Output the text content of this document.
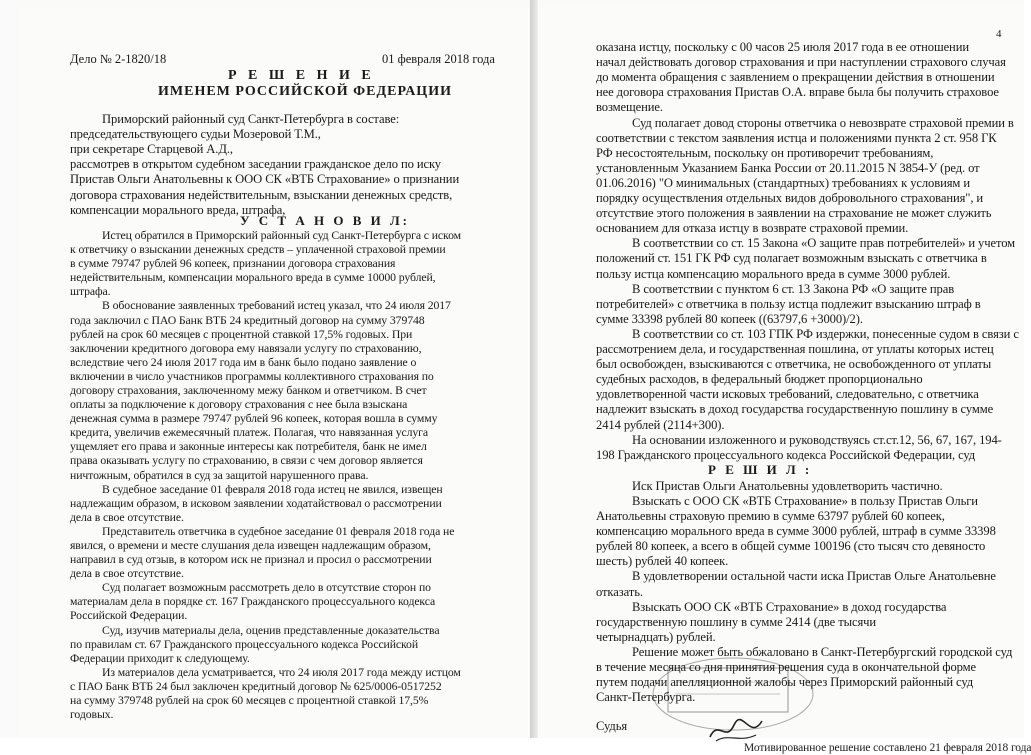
Дело № 2-1820/18	01 февраля 2018 года
Р Е Ш Е Н И Е
ИМЕНЕМ РОССИЙСКОЙ ФЕДЕРАЦИИ
У С Т А Н О В И Л:
Приморский районный суд Санкт-Петербурга в составе:
председательствующего судьи Мозеровой Т.М.,
при секретаре Старцевой А.Д.,
рассмотрев в открытом судебном заседании гражданское дело по иску
Пристав Ольги Анатольевны к ООО СК «ВТБ Страхование» о признании
договора страхования недействительным, взыскании денежных средств,
компенсации морального вреда, штрафа,
Истец обратился в Приморский районный суд Санкт-Петербурга с иском
к ответчику о взыскании денежных средств – уплаченной страховой премии
в сумме 79747 рублей 96 копеек, признании договора страхования
недействительным, компенсации морального вреда в сумме 10000 рублей,
штрафа.
В обоснование заявленных требований истец указал, что 24 июля 2017
года заключил с ПАО Банк ВТБ 24 кредитный договор на сумму 379748
рублей на срок 60 месяцев с процентной ставкой 17,5% годовых. При
заключении кредитного договора ему навязали услугу по страхованию,
вследствие чего 24 июля 2017 года им в банк было подано заявление о
включении в число участников программы коллективного страхования по
договору страхования, заключенному межу банком и ответчиком. В счет
оплаты за подключение к договору страхования с нее была взыскана
денежная сумма в размере 79747 рублей 96 копеек, которая вошла в сумму
кредита, увеличив ежемесячный платеж. Полагая, что навязанная услуга
ущемляет его права и законные интересы как потребителя, банк не имел
права оказывать услугу по страхованию, в связи с чем договор является
ничтожным, обратился в суд за защитой нарушенного права.
В судебное заседание 01 февраля 2018 года истец не явился, извещен
надлежащим образом, в исковом заявлении ходатайствовал о рассмотрении
дела в свое отсутствие.
Представитель ответчика в судебное заседание 01 февраля 2018 года не
явился, о времени и месте слушания дела извещен надлежащим образом,
направил в суд отзыв, в котором иск не признал и просил о рассмотрении
дела в свое отсутствие.
Суд полагает возможным рассмотреть дело в отсутствие сторон по
материалам дела в порядке ст. 167 Гражданского процессуального кодекса
Российской Федерации.
Суд, изучив материалы дела, оценив представленные доказательства
по правилам ст. 67 Гражданского процессуального кодекса Российской
Федерации приходит к следующему.
Из материалов дела усматривается, что 24 июля 2017 года между истцом
с ПАО Банк ВТБ 24 был заключен кредитный договор № 625/0006-0517252
на сумму 379748 рублей на срок 60 месяцев с процентной ставкой 17,5%
годовых.
4
Р Е Ш И Л :
оказана истцу, поскольку с 00 часов 25 июля 2017 года в ее отношении
начал действовать договор страхования и при наступлении страхового случая
до момента обращения с заявлением о прекращении действия в отношении
нее договора страхования Пристав О.А. вправе была бы получить страховое
возмещение.
Суд полагает довод стороны ответчика о невозврате страховой премии в
соответствии с текстом заявления истца и положениями пункта 2 ст. 958 ГК
РФ несостоятельным, поскольку он противоречит требованиям,
установленным Указанием Банка России от 20.11.2015 N 3854-У (ред. от
01.06.2016) "О минимальных (стандартных) требованиях к условиям и
порядку осуществления отдельных видов добровольного страхования", и
отсутствие этого положения в заявлении на страхование не может служить
основанием для отказа истцу в возврате страховой премии.
В соответствии со ст. 15 Закона «О защите прав потребителей» и учетом
положений ст. 151 ГК РФ суд полагает возможным взыскать с ответчика в
пользу истца компенсацию морального вреда в сумме 3000 рублей.
В соответствии с пунктом 6 ст. 13 Закона РФ «О защите прав
потребителей» с ответчика в пользу истца подлежит взысканию штраф в
сумме 33398 рублей 80 копеек ((63797,6 +3000)/2).
В соответствии со ст. 103 ГПК РФ издержки, понесенные судом в связи с
рассмотрением дела, и государственная пошлина, от уплаты которых истец
был освобожден, взыскиваются с ответчика, не освобожденного от уплаты
судебных расходов, в федеральный бюджет пропорционально
удовлетворенной части исковых требований, следовательно, с ответчика
надлежит взыскать в доход государства государственную пошлину в сумме
2414 рублей (2114+300).
На основании изложенного и руководствуясь ст.ст.12, 56, 67, 167, 194-
198 Гражданского процессуального кодекса Российской Федерации, суд
Иск Пристав Ольги Анатольевны удовлетворить частично.
Взыскать с ООО СК «ВТБ Страхование» в пользу Пристав Ольги
Анатольевны страховую премию в сумме 63797 рублей 60 копеек,
компенсацию морального вреда в сумме 3000 рублей, штраф в сумме 33398
рублей 80 копеек, а всего в общей сумме 100196 (сто тысяч сто девяносто
шесть) рублей 40 копеек.
В удовлетворении остальной части иска Пристав Ольге Анатольевне
отказать.
Взыскать ООО СК «ВТБ Страхование» в доход государства
государственную пошлину в сумме 2414 (две тысячи
четырнадцать) рублей.
Решение может быть обжаловано в Санкт-Петербургский городской суд
в течение месяца со дня принятия решения суда в окончательной форме
путем подачи апелляционной жалобы через Приморский районный суд
Санкт-Петербурга.
Судья
Мотивированное решение составлено 21 февраля 2018 года
